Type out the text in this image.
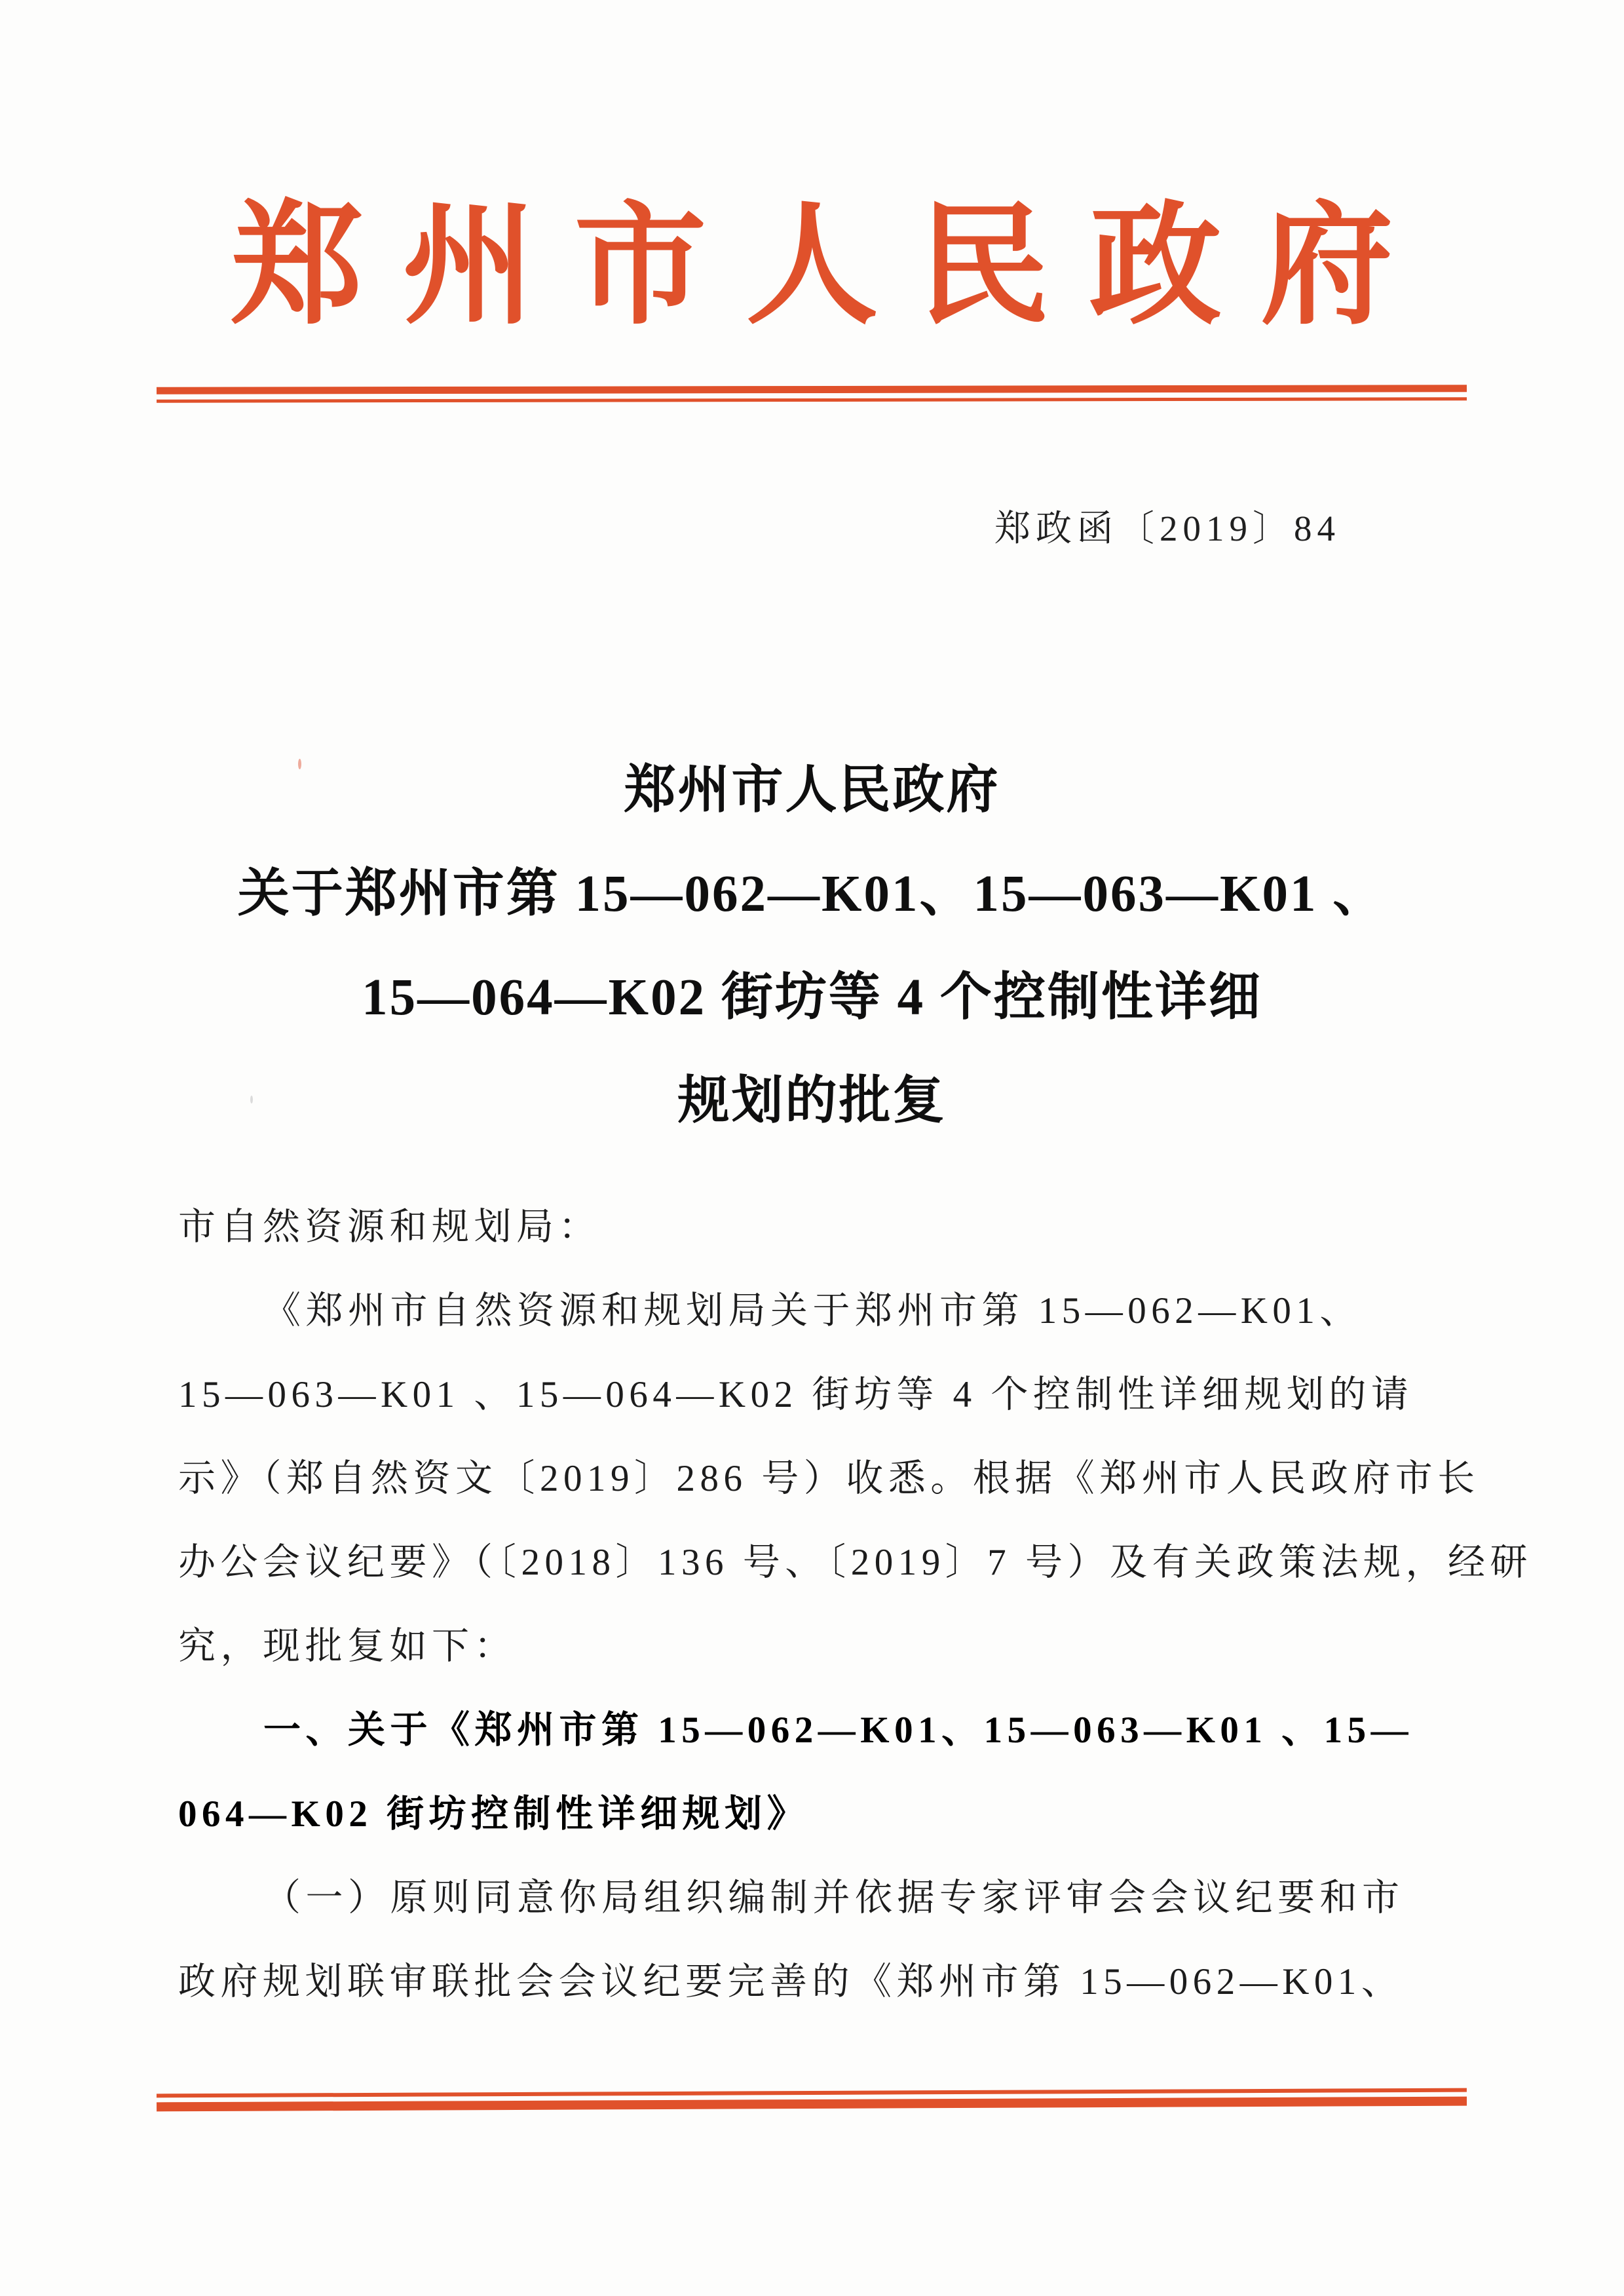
郑州市人民政府
郑政函〔2019〕84
郑州市人民政府
关于郑州市第 15—062—K01、15—063—K01 、
15—064—K02 街坊等 4 个控制性详细
规划的批复
市自然资源和规划局：
《郑州市自然资源和规划局关于郑州市第 15—062—K01、
15—063—K01 、15—064—K02 街坊等 4 个控制性详细规划的请
示》（郑自然资文〔2019〕286 号）收悉。根据《郑州市人民政府市长
办公会议纪要》（〔2018〕136 号、〔2019〕7 号）及有关政策法规，经研
究，现批复如下：
一、关于《郑州市第 15—062—K01、15—063—K01 、15—
064—K02 街坊控制性详细规划》
（一）原则同意你局组织编制并依据专家评审会会议纪要和市
政府规划联审联批会会议纪要完善的《郑州市第 15—062—K01、
